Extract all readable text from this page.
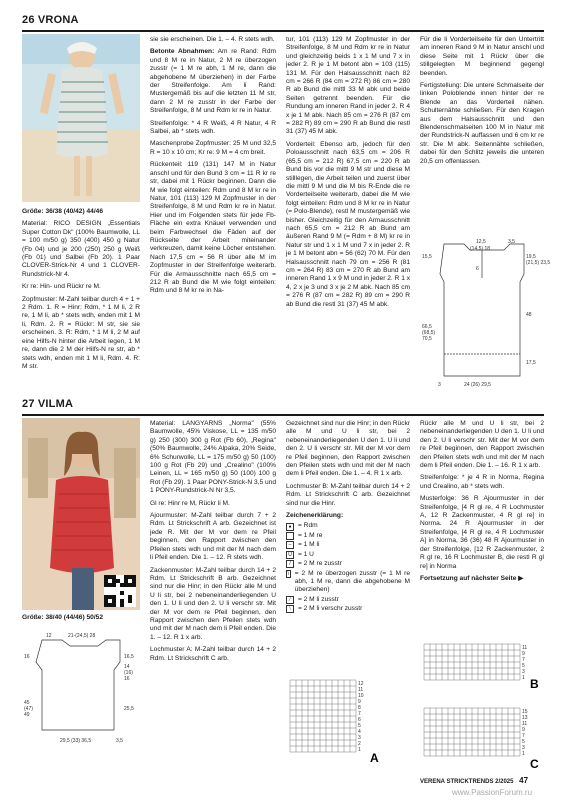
26 VRONA

Größe: 36/38 (40/42) 44/46

Material: RICO DESIGN „Essentials Super Cotton Dk" (100% Baumwolle, LL = 100 m/50 g) 350 (400) 450 g Natur (Fb 04) und je 200 (250) 250 g Weiß (Fb 01) und Salbei (Fb 20). 1 Paar CLOVER-Strick-Nr 4 und 1 CLOVER-Rundstrick-Nr 4.

Kr re: Hin- und Rückr re M.

Zopfmuster: M-Zahl teilbar durch 4 + 1 + 2 Rdm. 1. R = Hinr: Rdm, * 1 M li, 2 R re, 1 M li, ab * stets wdh, enden mit 1 M li, Rdm. 2. R = Rückr: M str, sie sie erscheinen. 3. R: Rdm, * 1 M li, 2 M auf eine Hilfs-N hinter die Arbeit legen, 1 M re, dann die 2 M der Hilfs-N re str, ab * stets wdh, enden mit 1 M li, Rdm. 4. R: M str.

sie sie erscheinen. Die 1. – 4. R stets wdh.

Betonte Abnahmen: Am re Rand: Rdm und 8 M re in Natur, 2 M re überzogen zusstr (= 1 M re abh, 1 M re, dann die abgehobene M überziehen) in der Farbe der Streifenfolge. Am li Rand: Mustergemäß bis auf die letzten 11 M str, dann 2 M re zusstr in der Farbe der Streifenfolge, 8 M und Rdm kr re in Natur.

Streifenfolge: * 4 R Weiß, 4 R Natur, 4 R Salbei, ab * stets wdh.

Maschenprobe Zopfmuster: 25 M und 32,5 R = 10 x 10 cm; Kr re: 9 M = 4 cm breit.

Rückenteil: 119 (131) 147 M in Natur anschl und für den Bund 3 cm = 11 R kr re str, dabei mit 1 Rückr beginnen. Dann die M wie folgt einteilen: Rdm und 8 M kr re in Natur, 101 (113) 129 M Zopfmuster in der Streifenfolge, 8 M und Rdm kr re in Natur. Hier und im Folgenden stets für jede Fb-Fläche ein extra Knäuel verwenden und beim Farbwechsel die Fäden auf der Rückseite der Arbeit miteinander verkreuzen, damit keine Löcher entstehen. Nach 17,5 cm = 56 R über alle M im Zopfmuster in der Streifenfolge weiterarb. Für die Armausschnitte nach 65,5 cm = 212 R ab Bund die M wie folgt einteilen: Rdm und 8 M kr re in Na-

tur, 101 (113) 129 M Zopfmuster in der Streifenfolge, 8 M und Rdm kr re in Natur und gleichzeitig beids 1 x 1 M und 7 x in jeder 2. R je 1 M betont abn = 103 (115) 131 M. Für den Halsausschnitt nach 82 cm = 266 R (84 cm = 272 R) 86 cm = 280 R ab Bund die mittl 33 M abk und beide Seiten getrennt beenden. Für die Rundung am inneren Rand in jeder 2. R 4 x je 1 M abk. Nach 85 cm = 276 R (87 cm = 282 R) 89 cm = 290 R ab Bund die restl 31 (37) 45 M abk.

Vorderteil: Ebenso arb, jedoch für den Polоausschnitt nach 63,5 cm = 206 R (65,5 cm = 212 R) 67,5 cm = 220 R ab Bund bis vor die mittl 9 M str und diese M stilllegen, die Arbeit teilen und zuerst über die mittl 9 M und die M bis R-Ende die re Vorderteilseite weiterarb, dabei die M wie folgt einteilen: Rdm und 8 M kr re in Natur (= Polo-Blende), restl M mustergemäß wie bisher. Gleichzeitig für den Armausschnitt nach 65,5 cm = 212 R ab Bund am äußeren Rand 9 M (= Rdm + 8 M) kr re in Natur str und 1 x 1 M und 7 x in jeder 2. R je 1 M betont abn = 56 (62) 70 M. Für den Halsausschnitt nach 79 cm = 256 R (81 cm = 264 R) 83 cm = 270 R ab Bund am inneren Rand 1 x 9 M und in jeder 2. R 1 x 4, 2 x je 3 und 3 x je 2 M abk. Nach 85 cm = 276 R (87 cm = 282 R) 89 cm = 290 R ab Bund die restl 31 (37) 45 M abk.

Für die li Vorderteilseite für den Untertritt am inneren Rand 9 M in Natur anschl und diese Seite mit 1 Rückr über die stillgelegten M beginnend gegengl beenden.

Fertigstellung: Die untere Schmalseite der linken Poloblende innen hinter der re Blende an das Vorderteil nähen. Schulternähte schließen. Für den Kragen aus dem Halsausschnitt und den Blendenschmalseiten 100 M in Natur mit der Rundstrick-N auffassen und 6 cm kr re str. Die M abk. Seitennähte schließen, dabei für den Schlitz jeweils die unteren 20,5 cm offenlassen.

12,5	3,5
(14,5) 18
19,5
(21,5) 23,5
15,5
6
48
66,5
(68,5)
70,5
17,5
3	24 (26) 29,5
27 VILMA

Größe: 38/40 (44/46) 50/52

12	21-(24,5) 28
16	16,5
14
(16)
16
45
(47)
49
25,5
29,5 (33) 36,5	3,5

Material: LANGYARNS „Norma" (55% Baumwolle, 45% Viskose, LL = 135 m/50 g) 250 (300) 300 g Rot (Fb 60), „Regina" (50% Baumwolle, 24% Alpaka, 20% Seide, 6% Schurwolle, LL = 175 m/50 g) 50 (100) 100 g Rot (Fb 29) und „Crealino" (100% Leinen, LL = 165 m/50 g) 50 (100) 100 g Rot (Fb 29). 1 Paar PONY-Strick-N 3,5 und 1 PONY-Rundstrick-N Nr 3,5.

Gl re: Hinr re M, Rückr li M.

Ajourmuster: M-Zahl teilbar durch 7 + 2 Rdm. Lt Strickschrift A arb. Gezeichnet ist jede R. Mit der M vor dem re Pfeil beginnen, den Rapport zwischen den Pfeilen stets wdh und mit der M nach dem li Pfeil enden. Die 1. – 12. R stets wdh.

Zackenmuster: M-Zahl teilbar durch 14 + 2 Rdm. Lt Strickschrift B arb. Gezeichnet sind nur die Hinr; in den Rückr alle M und U li str, bei 2 nebeneinanderliegenden U den 1. U li und den 2. U li verschr str. Mit der M vor dem re Pfeil beginnen, den Rapport zwischen den Pfeilen stets wdh und mit der M nach dem li Pfeil enden. Die 1. – 12. R 1 x arb.

Lochmuster A: M-Zahl teilbar durch 14 + 2 Rdm. Lt Strickschrift C arb.

Gezeichnet sind nur die Hinr; in den Rückr alle M und U li str, bei 2 nebeneinanderliegenden U den 1. U li und den 2. U li verschr str. Mit der M vor dem re Pfeil beginnen, den Rapport zwischen den Pfeilen stets wdh und mit der M nach dem li Pfeil enden. Die 1. – 4. R 1 x arb.

Lochmuster B: M-Zahl teilbar durch 14 + 2 Rdm. Lt Strickschrift C arb. Gezeichnet sind nur die Hinr.

Zeichenerklärung:

● = Rdm
= 1 M re
–	= 1 M li
U = 1 U
/	= 2 M re zusstr
\ = 2 M re überzogen zusstr (= 1 M re abh, 1 M re, dann die abgehobene M überziehen)
⁄	= 2 M li zusstr
⧵	= 2 M li verschr zusstr

Rückr alle M und U li str, bei 2 nebeneinanderliegenden U den 1. U li und den 2. U li verschr str. Mit der M vor dem re Pfeil beginnen, den Rapport zwischen den Pfeilen stets wdh und mit der M nach dem li Pfeil enden. Die 1. – 16. R 1 x arb.

Streifenfolge: * je 4 R in Norma, Regina und Crealino, ab * stets wdh.

Musterfolge: 36 R Ajourmuster in der Streifenfolge, [4 R gl re, 4 R Lochmuster A, 12 R Zackenmuster, 4 R gl re] in Norma. 24 R Ajourmuster in der Streifenfolge, [4 R gl re, 4 R Lochmuster A] in Norma, 36 (36) 48 R Ajourmuster in der Streifenfolge, [12 R Zackenmuster, 2 R gl re, 16 R Lochmuster B, die restl R gl re] in Norma

Fortsetzung auf nächster Seite ▶

12
11
10
9
8
7
6
5
4
3
2
1
A
11
9
7
5
3
1 B
15
13
11
9
7
5
3
1
C
VERENA STRICKTRENDS 2/2025 47
www.PassionForum.ru
